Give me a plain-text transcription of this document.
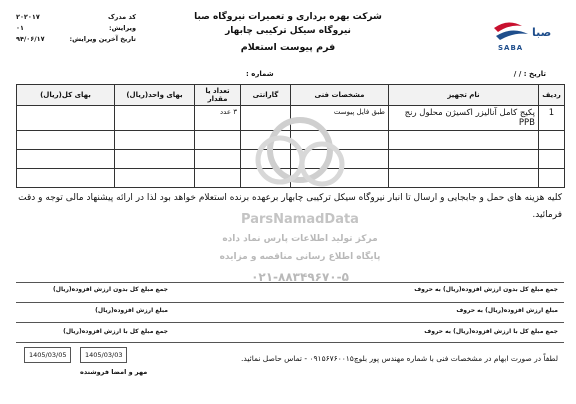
صبا
SABA
شرکت بهره برداری و تعمیرات نیروگاه صبا
نیروگاه سیکل ترکیبی چابهار
فرم پیوست استعلام
کد مدرک
۲۰۲۰۱۷
ویرایش:
۰۱
تاریخ آخرین ویرایش:
۹۴/۰۶/۱۷
تاریخ : / /
شماره :
ردیف	نام تجهیز	مشخصات فنی	گارانتی	تعداد یا مقدار	بهای واحد(ریال)	بهای کل(ریال)
1	پکیج کامل آنالیزر اکسیژن محلول رنج PPB	طبق فایل پیوست		۳ عدد		

کلیه هزینه های حمل و جابجایی و ارسال تا انبار نیروگاه سیکل ترکیبی چابهار برعهده برنده استعلام خواهد بود لذا در ارائه پیشنهاد مالی توجه و دقت فرمائید.
ParsNamadData
مرکز تولید اطلاعات پارس نماد داده
پایگاه اطلاع رسانی مناقصه و مزایده
۰۲۱-۸۸۳۴۹۶۷۰-۵
جمع مبلغ کل بدون ارزش افزوده(ریال) به حروف
جمع مبلغ کل بدون ارزش افزوده(ریال)
مبلغ ارزش افزوده(ریال) به حروف
مبلغ ارزش افزوده(ریال)
جمع مبلغ کل با ارزش افزوده(ریال) به حروف
جمع مبلغ کل با ارزش افزوده(ریال)
لطفاً در صورت ابهام در مشخصات فنی با شماره مهندس پور بلوچ۰۹۱۵۶۷۶۰۰۱۵ - تماس حاصل نمائید.
1405/03/05	1405/03/03
مهر و امضا فروشنده
